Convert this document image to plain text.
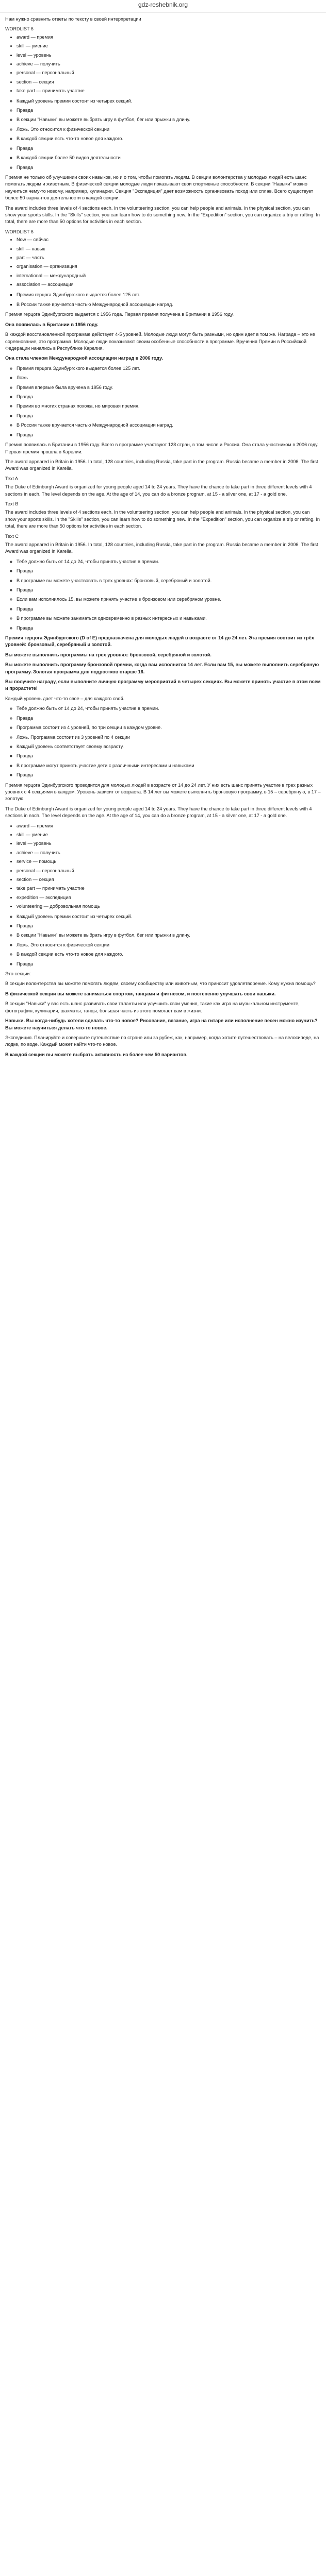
gdz-reshebnik.org

Нам нужно сравнить ответы по тексту в своей интерпретации

WORDLIST 6
• award — премия
• skill — умение
• level — уровень
• achieve — получить
• personal — персональный
• section — секция
• take part — принимать участие
◦ Каждый уровень премии состоит из четырех секций.
◦ Правда
◦ В секции "Навыки" вы можете выбрать игру в футбол, бег или прыжки в длину.
◦ Ложь. Это относится к физической секции
◦ В каждой секции есть что-то новое для каждого.
◦ Правда
◦ В каждой секции более 50 видов деятельности
◦ Правда

Премия не только об улучшении своих навыков, но и о том, чтобы помогать людям. В секции волонтерства у молодых людей есть шанс помогать людям и животным. В физической секции молодые люди показывают свои спортивные способности. В секции "Навыки" можно научиться чему-то новому, например, кулинарии. Секция "Экспедиция" дает возможность организовать поход или сплав. Всего существует более 50 вариантов деятельности в каждой секции.

The award includes three levels of 4 sections each. In the volunteering section, you can help people and animals. In the physical section, you can show your sports skills. In the "Skills" section, you can learn how to do something new. In the "Expedition" section, you can organize a trip or rafting. In total, there are more than 50 options for activities in each section.

WORDLIST 6
• Now — сейчас
• skill — навык
• part — часть
• organisation — организация
• international — международный
• association — ассоциация
▪ Премия герцога Эдинбургского выдается более 125 лет.
▪ В России также вручается частью Международной ассоциации наград.

Премия герцога Эдинбургского выдается с 1956 года. Первая премия получена в Британии в 1956 году.

Она появилась в Британии в 1956 году.

В каждой восстановленной программе действует 4-5 уровней. Молодые люди могут быть разными, но один идет в том же. Награда – это не соревнование, это программа. Молодые люди показывают своим особенные способности в программе. Вручения Премии в Российской Федерации начались в Республике Карелия.

Она стала членом Международной ассоциации наград в 2006 году.

◦ Премия герцога Эдинбургского выдается более 125 лет.
◦ Ложь
◦ Премия впервые была вручена в 1956 году.
◦ Правда
◦ Премия во многих странах похожа, но мировая премия.
◦ Правда
◦ В России также вручается частью Международной ассоциации наград.
◦ Правда

Премия появилась в Британии в 1956 году. Всего в программе участвуют 128 стран, в том числе и Россия. Она стала участником в 2006 году. Первая премия прошла в Карелии.

The award appeared in Britain in 1956. In total, 128 countries, including Russia, take part in the program. Russia became a member in 2006. The first Award was organized in Karelia.

Text A

The Duke of Edinburgh Award is organized for young people aged 14 to 24 years. They have the chance to take part in three different levels with 4 sections in each. The level depends on the age. At the age of 14, you can do a bronze program, at 15 - a silver one, at 17 - a gold one.

Text B

The award includes three levels of 4 sections each. In the volunteering section, you can help people and animals. In the physical section, you can show your sports skills. In the "Skills" section, you can learn how to do something new. In the "Expedition" section, you can organize a trip or rafting. In total, there are more than 50 options for activities in each section.

Text C

The award appeared in Britain in 1956. In total, 128 countries, including Russia, take part in the program. Russia became a member in 2006. The first Award was organized in Karelia.

◦ Тебе должно быть от 14 до 24, чтобы принять участие в премии.
◦ Правда
◦ В программе вы можете участвовать в трех уровнях: бронзовый, серебряный и золотой.
◦ Правда
◦ Если вам исполнилось 15, вы можете принять участие в бронзовом или серебряном уровне.
◦ Правда
◦ В программе вы можете заниматься одновременно в разных интересных и навыками.
◦ Правда

Премия герцога Эдинбургского (D of E) предназначена для молодых людей в возрасте от 14 до 24 лет. Эта премия состоит из трёх уровней: бронзовый, серебряный и золотой.

Вы можете выполнить программы на трех уровнях: бронзовой, серебряной и золотой.

Вы можете выполнить программу бронзовой премии, когда вам исполнится 14 лет. Если вам 15, вы можете выполнить серебряную программу. Золотая программа для подростков старше 16.

Вы получите награду, если выполните личную программу мероприятий в четырех секциях. Вы можете принять участие в этом всем и прорастете!

Каждый уровень дает что-то свое – для каждого свой.

◦ Тебе должно быть от 14 до 24, чтобы принять участие в премии.
◦ Правда
◦ Программа состоит из 4 уровней, по три секции в каждом уровне.
◦ Ложь. Программа состоит из 3 уровней по 4 секции
◦ Каждый уровень соответствует своему возрасту.
◦ Правда
◦ В программе могут принять участие дети с различными интересами и навыками
◦ Правда

Премия герцога Эдинбургского проводится для молодых людей в возрасте от 14 до 24 лет. У них есть шанс принять участие в трех разных уровнях с 4 секциями в каждом. Уровень зависит от возраста. В 14 лет вы можете выполнить бронзовую программу, в 15 – серебряную, в 17 – золотую.

The Duke of Edinburgh Award is organized for young people aged 14 to 24 years. They have the chance to take part in three different levels with 4 sections in each. The level depends on the age. At the age of 14, you can do a bronze program, at 15 - a silver one, at 17 - a gold one.

• award — премия
• skill — умение
• level — уровень
• achieve — получить
• service — помощь
• personal — персональный
• section — секция
• take part — принимать участие
• expedition — экспедиция
• volunteering — добровольная помощь
◦ Каждый уровень премии состоит из четырех секций.
◦ Правда
◦ В секции "Навыки" вы можете выбрать игру в футбол, бег или прыжки в длину.
◦ Ложь. Это относится к физической секции
◦ В каждой секции есть что-то новое для каждого.
◦ Правда

Это секции:

В секции волонтерства вы можете помогать людям, своему сообществу или животным, что приносит удовлетворение. Кому нужна помощь?

В физической секции вы можете заниматься спортом, танцами и фитнесом, и постепенно улучшать свои навыки.

В секции "Навыки" у вас есть шанс развивать свои таланты или улучшить свои умения, такие как игра на музыкальном инструменте, фотография, кулинария, шахматы, танцы, большая часть из этого помогает вам в жизни.

Навыки. Вы когда-нибудь хотели сделать что-то новое? Рисование, вязание, игра на гитаре или исполнение песен можно изучить? Вы можете научиться делать что-то новое.

Экспедиция. Планируйте и совершите путешествие по стране или за рубеж, как, например, когда хотите путешествовать – на велосипеде, на лодке, по воде. Каждый может найти что-то новое.

В каждой секции вы можете выбрать активность из более чем 50 вариантов.
